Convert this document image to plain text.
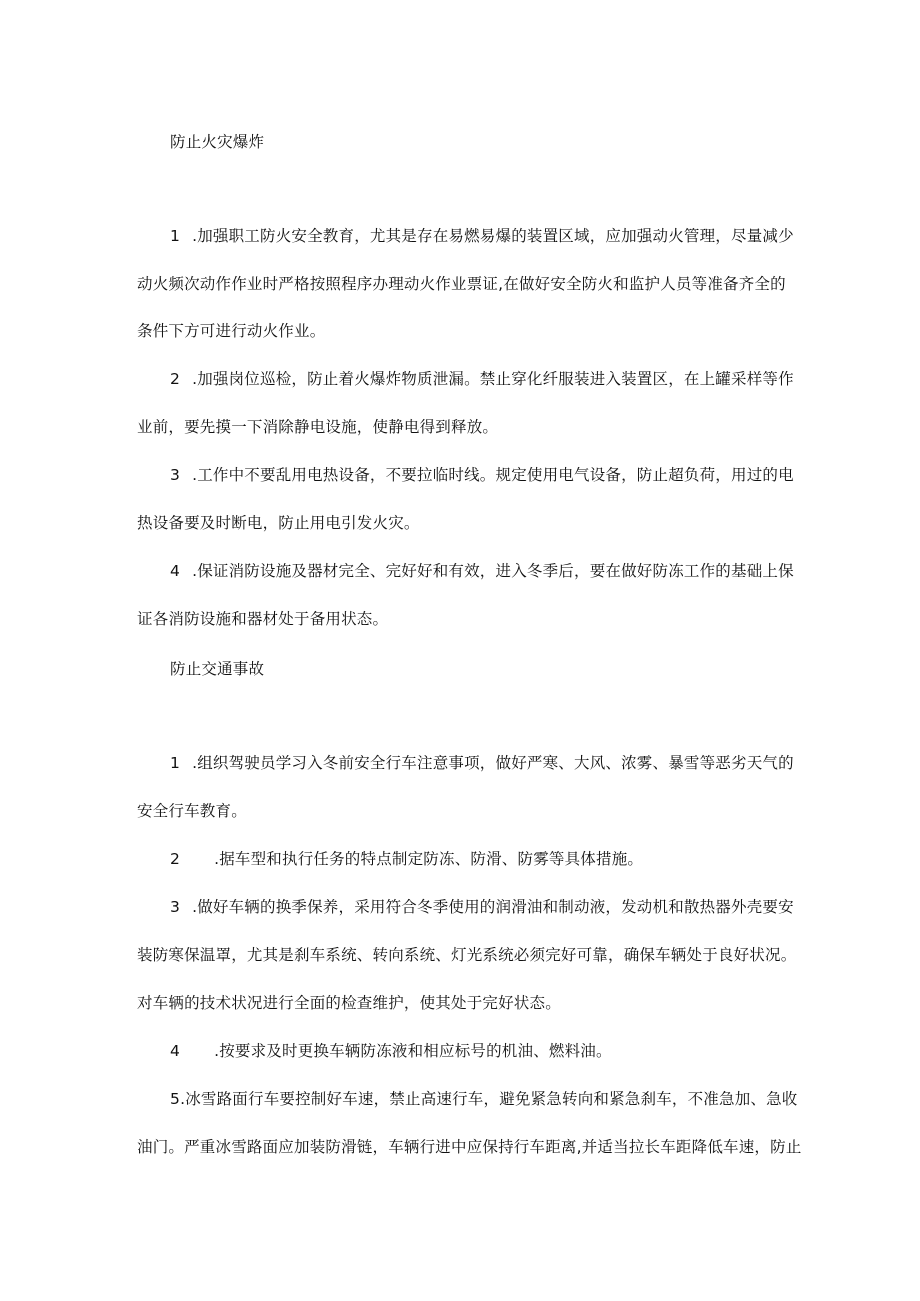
防止火灾爆炸
1 .加强职工防火安全教育，尤其是存在易燃易爆的装置区域，应加强动火管理，尽量减少
动火频次动作作业时严格按照程序办理动火作业票证,在做好安全防火和监护人员等准备齐全的
条件下方可进行动火作业。
2 .加强岗位巡检，防止着火爆炸物质泄漏。禁止穿化纤服装进入装置区，在上罐采样等作
业前，要先摸一下消除静电设施，使静电得到释放。
3 .工作中不要乱用电热设备，不要拉临时线。规定使用电气设备，防止超负荷，用过的电
热设备要及时断电，防止用电引发火灾。
4 .保证消防设施及器材完全、完好好和有效，进入冬季后，要在做好防冻工作的基础上保
证各消防设施和器材处于备用状态。
防止交通事故
1 .组织驾驶员学习入冬前安全行车注意事项，做好严寒、大风、浓雾、暴雪等恶劣天气的
安全行车教育。
2 .据车型和执行任务的特点制定防冻、防滑、防雾等具体措施。
3 .做好车辆的换季保养，采用符合冬季使用的润滑油和制动液，发动机和散热器外壳要安
装防寒保温罩，尤其是刹车系统、转向系统、灯光系统必须完好可靠，确保车辆处于良好状况。
对车辆的技术状况进行全面的检查维护，使其处于完好状态。
4 .按要求及时更换车辆防冻液和相应标号的机油、燃料油。
5.冰雪路面行车要控制好车速，禁止高速行车，避免紧急转向和紧急刹车，不准急加、急收
油门。严重冰雪路面应加装防滑链，车辆行进中应保持行车距离,并适当拉长车距降低车速，防止
